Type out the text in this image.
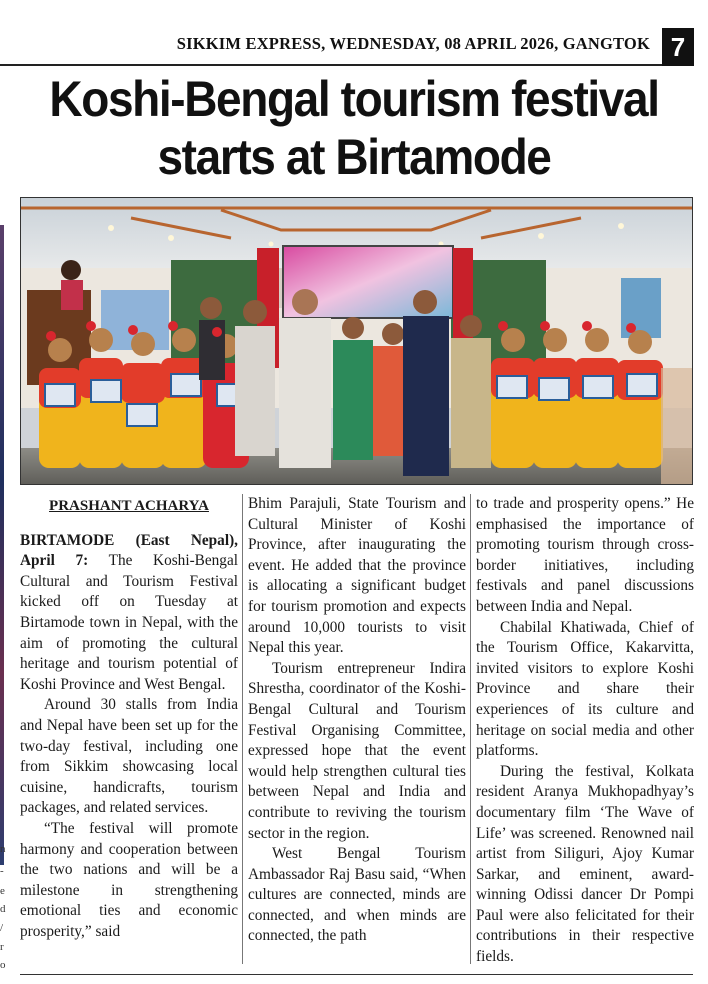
SIKKIM EXPRESS, WEDNESDAY, 08 APRIL 2026, GANGTOK 7
Koshi-Bengal tourism festival
starts at Birtamode
n
-
e
d
/
r
o
PRASHANT ACHARYA

BIRTAMODE (East Nepal), April 7: The Koshi-Bengal Cultural and Tourism Festival kicked off on Tuesday at Birtamode town in Nepal, with the aim of promoting the cultural heritage and tourism potential of Koshi Province and West Bengal.

Around 30 stalls from India and Nepal have been set up for the two-day festival, including one from Sikkim showcasing local cuisine, handicrafts, tourism packages, and related services.

“The festival will promote harmony and cooperation between the two nations and will be a milestone in strengthening emotional ties and economic prosperity,” said

Bhim Parajuli, State Tourism and Cultural Minister of Koshi Province, after inaugurating the event. He added that the province is allocating a significant budget for tourism promotion and expects around 10,000 tourists to visit Nepal this year.

Tourism entrepreneur Indira Shrestha, coordinator of the Koshi-Bengal Cultural and Tourism Festival Organising Committee, expressed hope that the event would help strengthen cultural ties between Nepal and India and contribute to reviving the tourism sector in the region.

West Bengal Tourism Ambassador Raj Basu said, “When cultures are connected, minds are connected, and when minds are connected, the path

to trade and prosperity opens.” He emphasised the importance of promoting tourism through cross-border initiatives, including festivals and panel discussions between India and Nepal.

Chabilal Khatiwada, Chief of the Tourism Office, Kakarvitta, invited visitors to explore Koshi Province and share their experiences of its culture and heritage on social media and other platforms.

During the festival, Kolkata resident Aranya Mukhopadhyay’s documentary film ‘The Wave of Life’ was screened. Renowned nail artist from Siliguri, Ajoy Kumar Sarkar, and eminent, award-winning Odissi dancer Dr Pompi Paul were also felicitated for their contributions in their respective fields.
